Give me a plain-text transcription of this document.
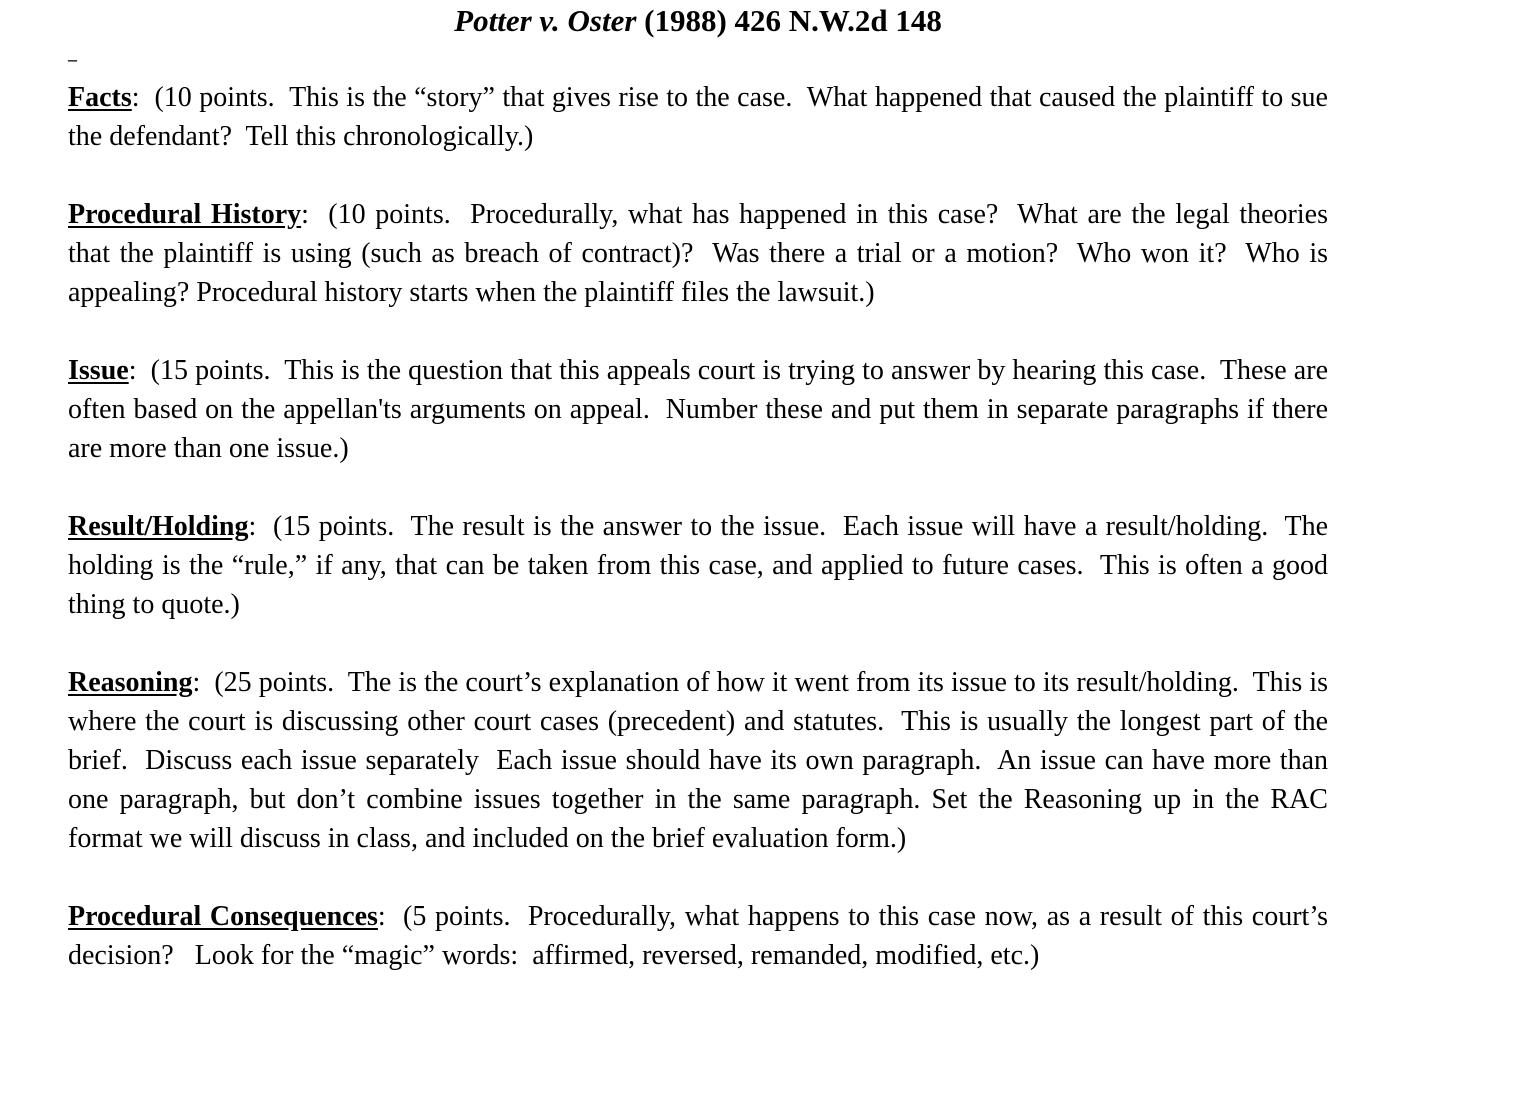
Potter v. Oster (1988) 426 N.W.2d 148
–

Facts:  (10 points.  This is the “story” that gives rise to the case.  What happened that caused the plaintiff to sue the defendant?  Tell this chronologically.)

Procedural History:  (10 points.  Procedurally, what has happened in this case?  What are the legal theories that the plaintiff is using (such as breach of contract)?  Was there a trial or a motion?  Who won it?  Who is appealing? Procedural history starts when the plaintiff files the lawsuit.)

Issue:  (15 points.  This is the question that this appeals court is trying to answer by hearing this case.  These are often based on the appellan'ts arguments on appeal.  Number these and put them in separate paragraphs if there are more than one issue.)

Result/Holding:  (15 points.  The result is the answer to the issue.  Each issue will have a result/holding.  The holding is the “rule,” if any, that can be taken from this case, and applied to future cases.  This is often a good thing to quote.)

Reasoning:  (25 points.  The is the court’s explanation of how it went from its issue to its result/holding.  This is where the court is discussing other court cases (precedent) and statutes.  This is usually the longest part of the brief.  Discuss each issue separately  Each issue should have its own paragraph.  An issue can have more than one paragraph, but don’t combine issues together in the same paragraph. Set the Reasoning up in the RAC format we will discuss in class, and included on the brief evaluation form.)

Procedural Consequences:  (5 points.  Procedurally, what happens to this case now, as a result of this court’s decision?   Look for the “magic” words:  affirmed, reversed, remanded, modified, etc.)
